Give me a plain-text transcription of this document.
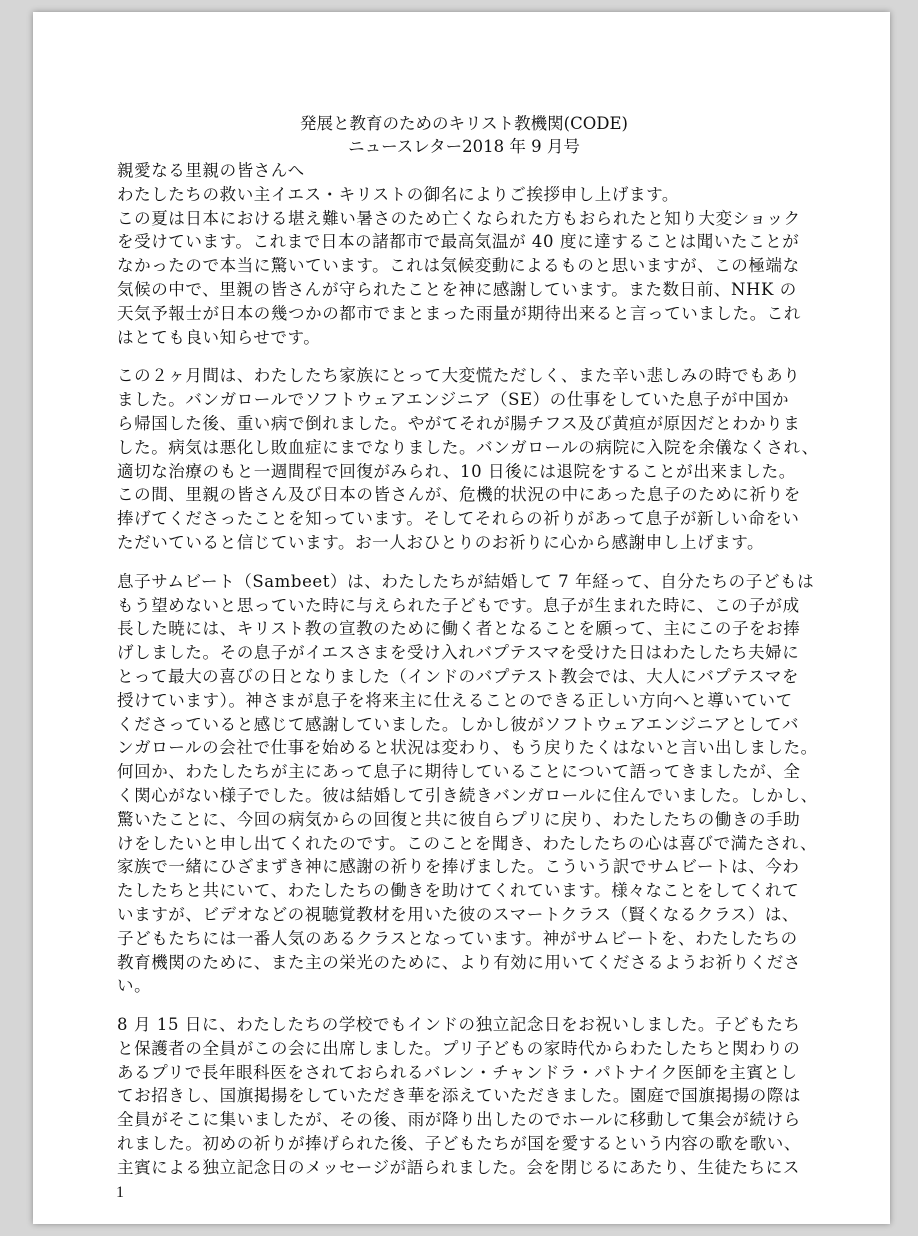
発展と教育のためのキリスト教機関(CODE)
ニュースレター2018 年 9 月号
親愛なる里親の皆さんへ
わたしたちの救い主イエス・キリストの御名によりご挨拶申し上げます。
この夏は日本における堪え難い暑さのため亡くなられた方もおられたと知り大変ショック
を受けています。これまで日本の諸都市で最高気温が 40 度に達することは聞いたことが
なかったので本当に驚いています。これは気候変動によるものと思いますが、この極端な
気候の中で、里親の皆さんが守られたことを神に感謝しています。また数日前、NHK の
天気予報士が日本の幾つかの都市でまとまった雨量が期待出来ると言っていました。これ
はとても良い知らせです。
この２ヶ月間は、わたしたち家族にとって大変慌ただしく、また辛い悲しみの時でもあり
ました。バンガロールでソフトウェアエンジニア（SE）の仕事をしていた息子が中国か
ら帰国した後、重い病で倒れました。やがてそれが腸チフス及び黄疸が原因だとわかりま
した。病気は悪化し敗血症にまでなりました。バンガロールの病院に入院を余儀なくされ、
適切な治療のもと一週間程で回復がみられ、10 日後には退院をすることが出来ました。
この間、里親の皆さん及び日本の皆さんが、危機的状況の中にあった息子のために祈りを
捧げてくださったことを知っています。そしてそれらの祈りがあって息子が新しい命をい
ただいていると信じています。お一人おひとりのお祈りに心から感謝申し上げます。
息子サムビート（Sambeet）は、わたしたちが結婚して 7 年経って、自分たちの子どもは
もう望めないと思っていた時に与えられた子どもです。息子が生まれた時に、この子が成
長した暁には、キリスト教の宣教のために働く者となることを願って、主にこの子をお捧
げしました。その息子がイエスさまを受け入れバプテスマを受けた日はわたしたち夫婦に
とって最大の喜びの日となりました（インドのバプテスト教会では、大人にバプテスマを
授けています）。神さまが息子を将来主に仕えることのできる正しい方向へと導いていて
くださっていると感じて感謝していました。しかし彼がソフトウェアエンジニアとしてバ
ンガロールの会社で仕事を始めると状況は変わり、もう戻りたくはないと言い出しました。
何回か、わたしたちが主にあって息子に期待していることについて語ってきましたが、全
く関心がない様子でした。彼は結婚して引き続きバンガロールに住んでいました。しかし、
驚いたことに、今回の病気からの回復と共に彼自らプリに戻り、わたしたちの働きの手助
けをしたいと申し出てくれたのです。このことを聞き、わたしたちの心は喜びで満たされ、
家族で一緒にひざまずき神に感謝の祈りを捧げました。こういう訳でサムビートは、今わ
たしたちと共にいて、わたしたちの働きを助けてくれています。様々なことをしてくれて
いますが、ビデオなどの視聴覚教材を用いた彼のスマートクラス（賢くなるクラス）は、
子どもたちには一番人気のあるクラスとなっています。神がサムビートを、わたしたちの
教育機関のために、また主の栄光のために、より有効に用いてくださるようお祈りくださ
い。
8 月 15 日に、わたしたちの学校でもインドの独立記念日をお祝いしました。子どもたち
と保護者の全員がこの会に出席しました。プリ子どもの家時代からわたしたちと関わりの
あるプリで長年眼科医をされておられるバレン・チャンドラ・パトナイク医師を主賓とし
てお招きし、国旗掲揚をしていただき華を添えていただきました。園庭で国旗掲揚の際は
全員がそこに集いましたが、その後、雨が降り出したのでホールに移動して集会が続けら
れました。初めの祈りが捧げられた後、子どもたちが国を愛するという内容の歌を歌い、
主賓による独立記念日のメッセージが語られました。会を閉じるにあたり、生徒たちにス
1
